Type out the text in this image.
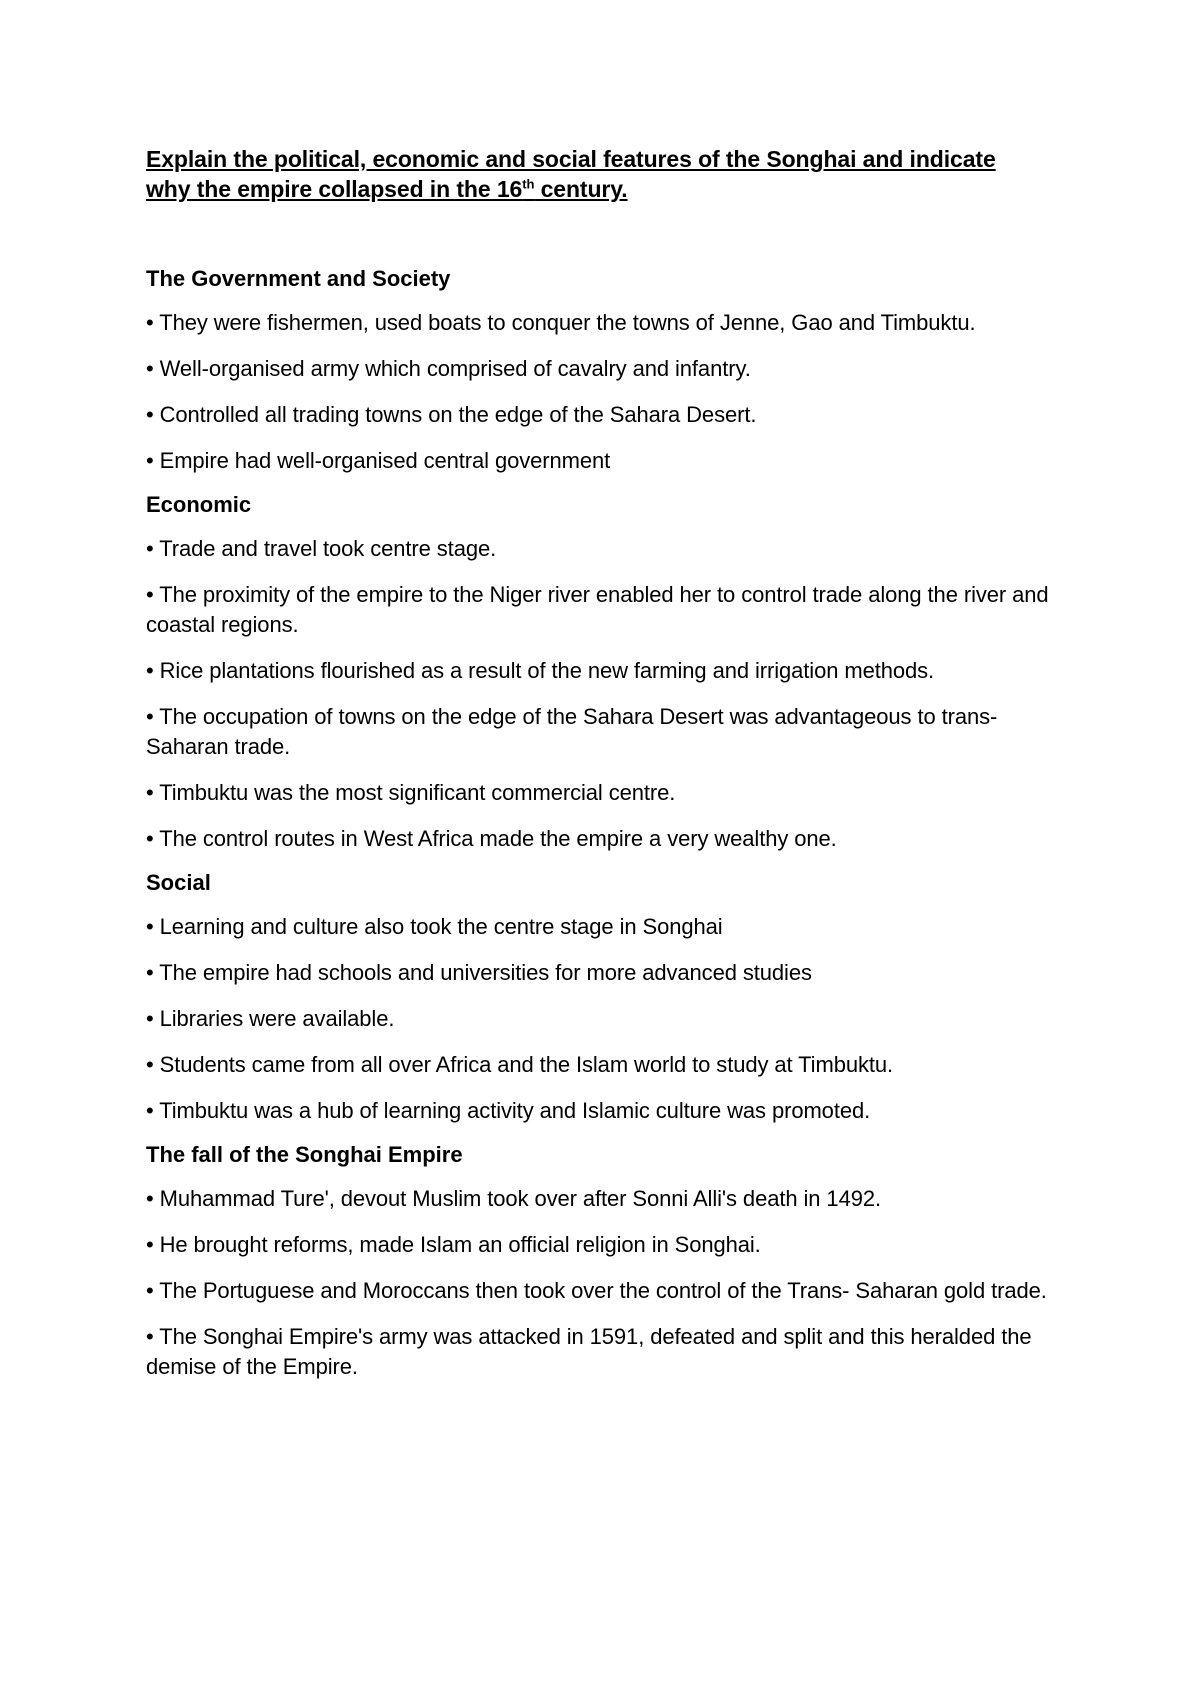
Explain the political, economic and social features of the Songhai and indicate
why the empire collapsed in the 16th century.
The Government and Society

• They were fishermen, used boats to conquer the towns of Jenne, Gao and Timbuktu.

• Well-organised army which comprised of cavalry and infantry.

• Controlled all trading towns on the edge of the Sahara Desert.

• Empire had well-organised central government

Economic

• Trade and travel took centre stage.

• The proximity of the empire to the Niger river enabled her to control trade along the river and coastal regions.

• Rice plantations flourished as a result of the new farming and irrigation methods.

• The occupation of towns on the edge of the Sahara Desert was advantageous to trans-Saharan trade.

• Timbuktu was the most significant commercial centre.

• The control routes in West Africa made the empire a very wealthy one.

Social

• Learning and culture also took the centre stage in Songhai

• The empire had schools and universities for more advanced studies

• Libraries were available.

• Students came from all over Africa and the Islam world to study at Timbuktu.

• Timbuktu was a hub of learning activity and Islamic culture was promoted.

The fall of the Songhai Empire

• Muhammad Ture', devout Muslim took over after Sonni Alli's death in 1492.

• He brought reforms, made Islam an official religion in Songhai.

• The Portuguese and Moroccans then took over the control of the Trans- Saharan gold trade.

• The Songhai Empire's army was attacked in 1591, defeated and split and this heralded the demise of the Empire.
